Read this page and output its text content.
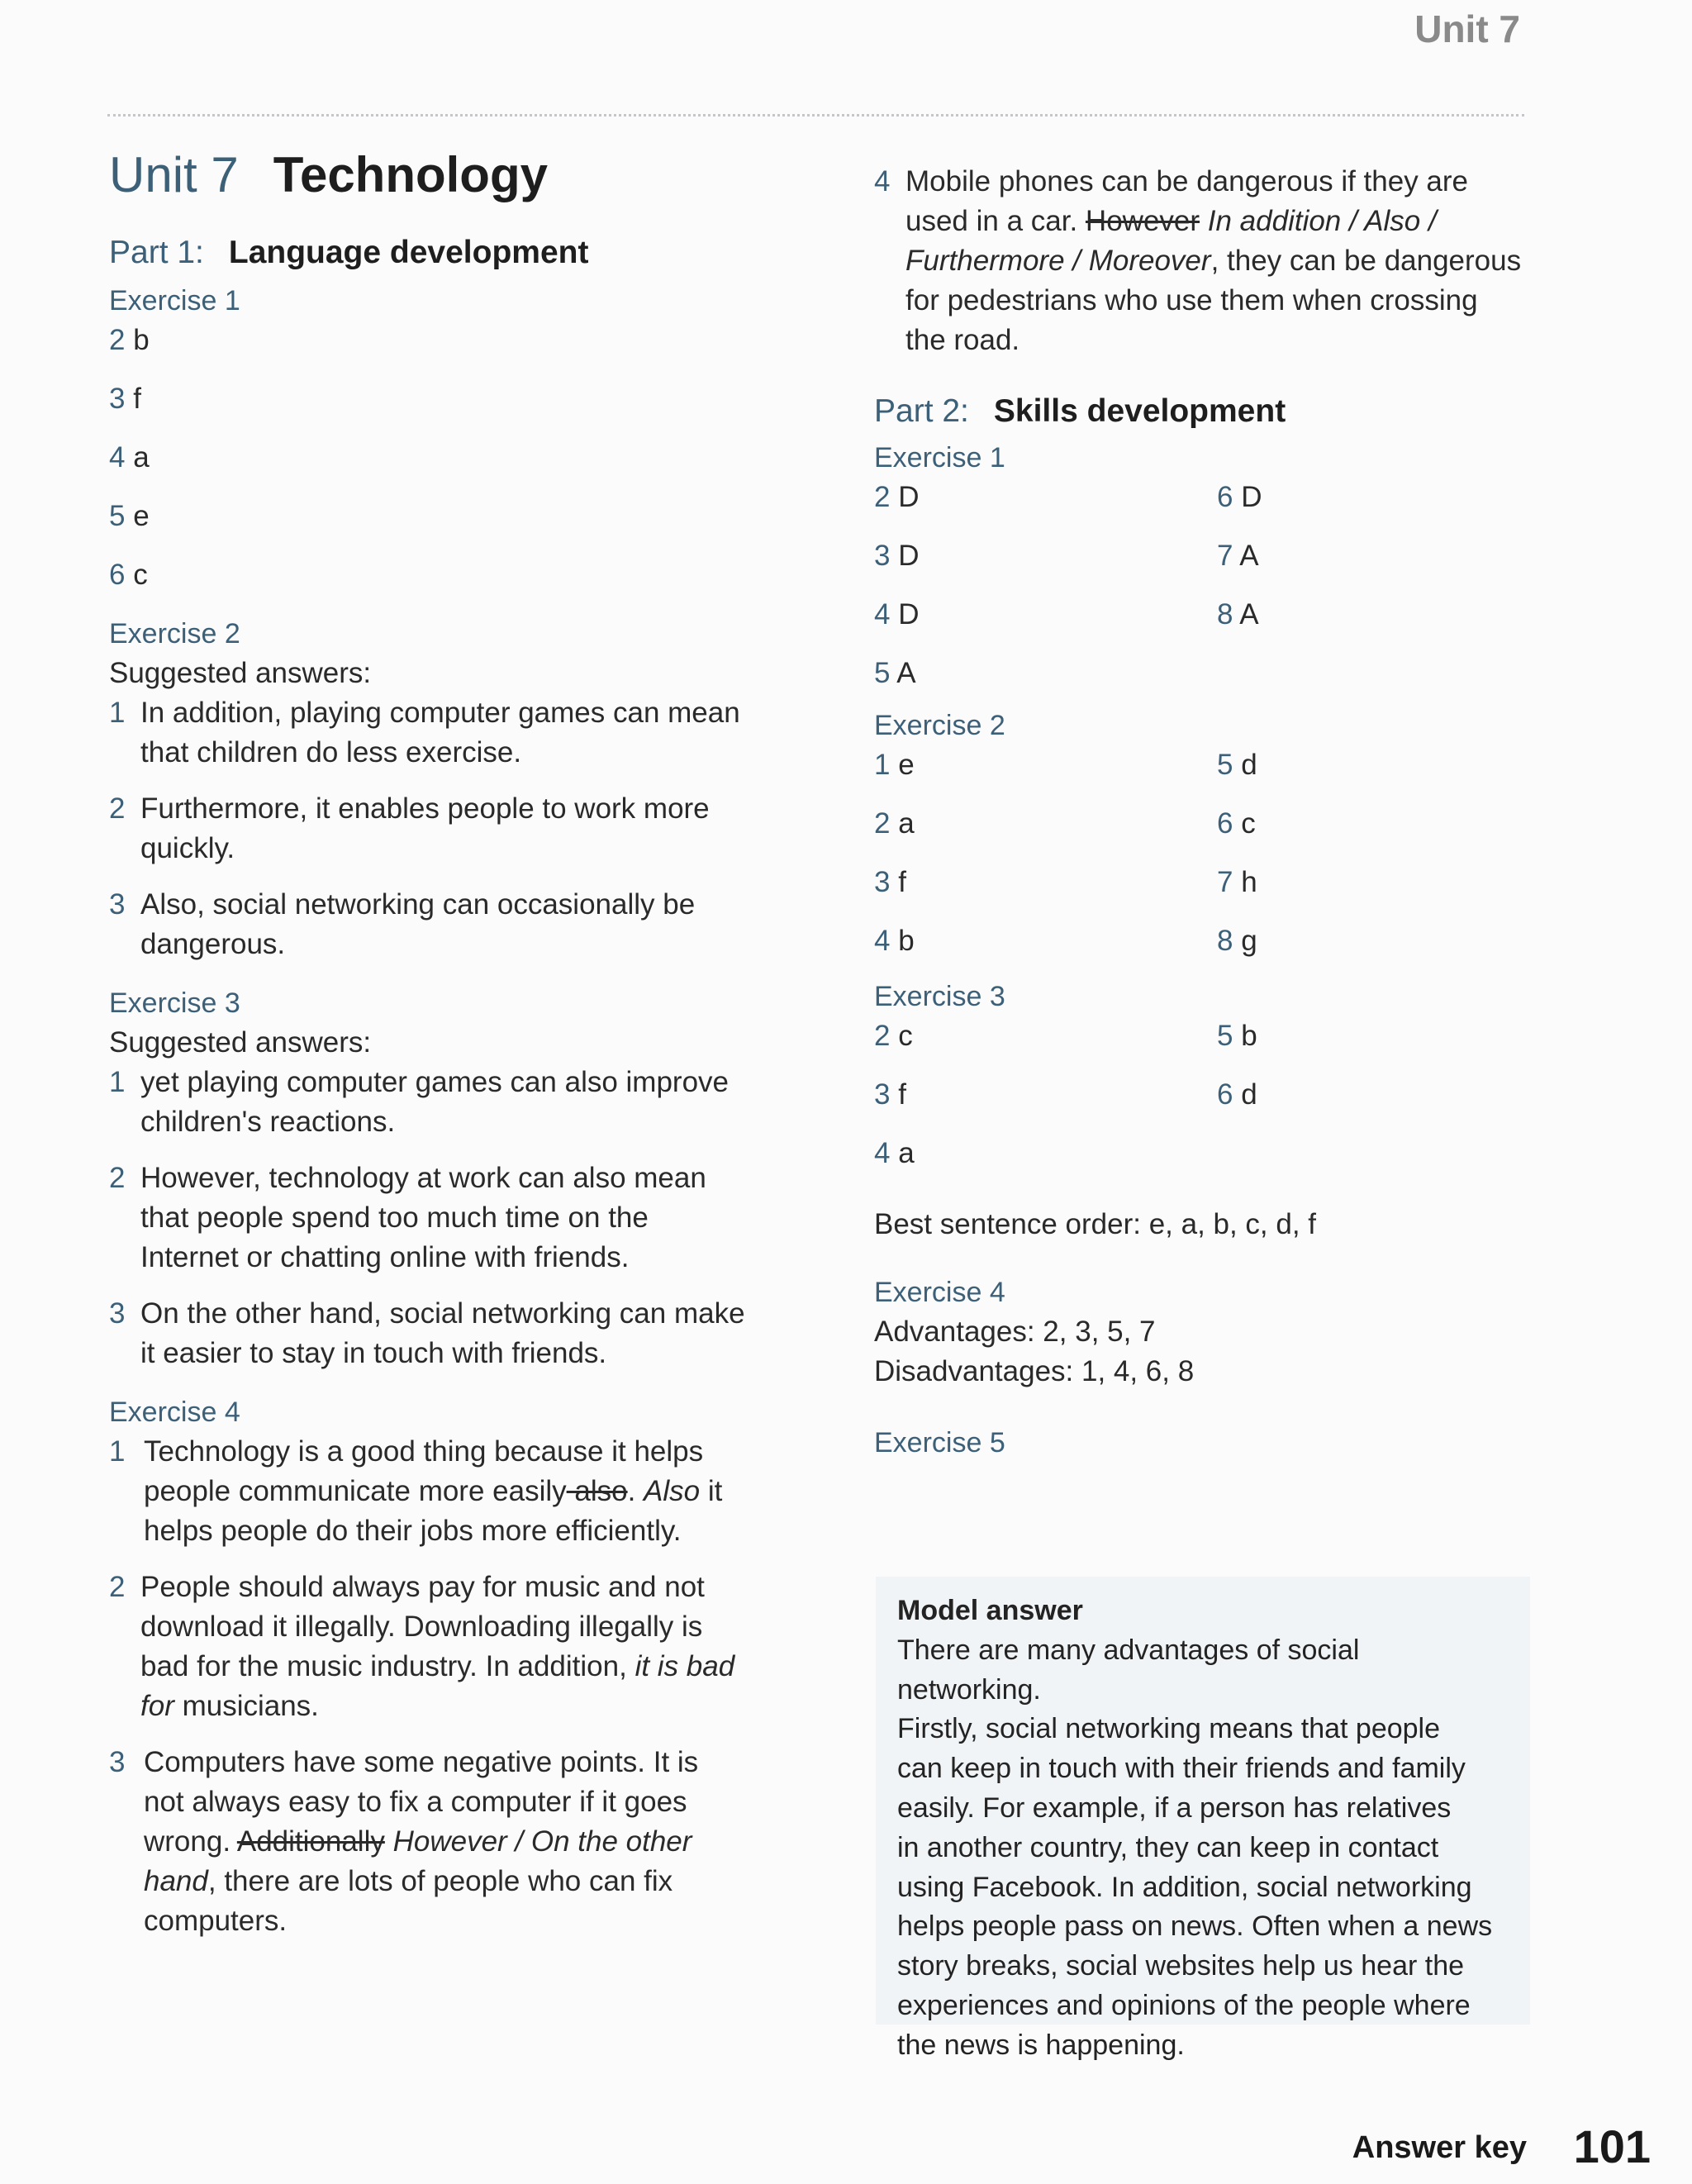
Unit 7
Unit 7 Technology
Part 1: Language development
Exercise 1

2 b

3 f

4 a

5 e

6 c

Exercise 2

Suggested answers:

1 In addition, playing computer games can mean
that children do less exercise.
2 Furthermore, it enables people to work more
quickly.
3 Also, social networking can occasionally be
dangerous.
Exercise 3

Suggested answers:

1 yet playing computer games can also improve
children's reactions.
2 However, technology at work can also mean
that people spend too much time on the
Internet or chatting online with friends.
3 On the other hand, social networking can make
it easier to stay in touch with friends.
Exercise 4
1 Technology is a good thing because it helps
people communicate more easily also. Also it
helps people do their jobs more efficiently.
2 People should always pay for music and not
download it illegally. Downloading illegally is
bad for the music industry. In addition, it is bad
for musicians.
3 Computers have some negative points. It is
not always easy to fix a computer if it goes
wrong. Additionally However / On the other
hand, there are lots of people who can fix
computers.
4 Mobile phones can be dangerous if they are
used in a car. However In addition / Also /
Furthermore / Moreover, they can be dangerous
for pedestrians who use them when crossing
the road.
Part 2: Skills development
Exercise 1
2 D	6 D
3 D	7 A
4 D	8 A
5 A
Exercise 2
1 e	5 d
2 a	6 c
3 f	7 h
4 b	8 g
Exercise 3
2 c	5 b
3 f	6 d
4 a

Best sentence order: e, a, b, c, d, f

Exercise 4

Advantages: 2, 3, 5, 7

Disadvantages: 1, 4, 6, 8

Exercise 5
Model answer
There are many advantages of social networking.
Firstly, social networking means that people
can keep in touch with their friends and family
easily. For example, if a person has relatives
in another country, they can keep in contact
using Facebook. In addition, social networking
helps people pass on news. Often when a news
story breaks, social websites help us hear the
experiences and opinions of the people where
the news is happening.
Answer key 101
